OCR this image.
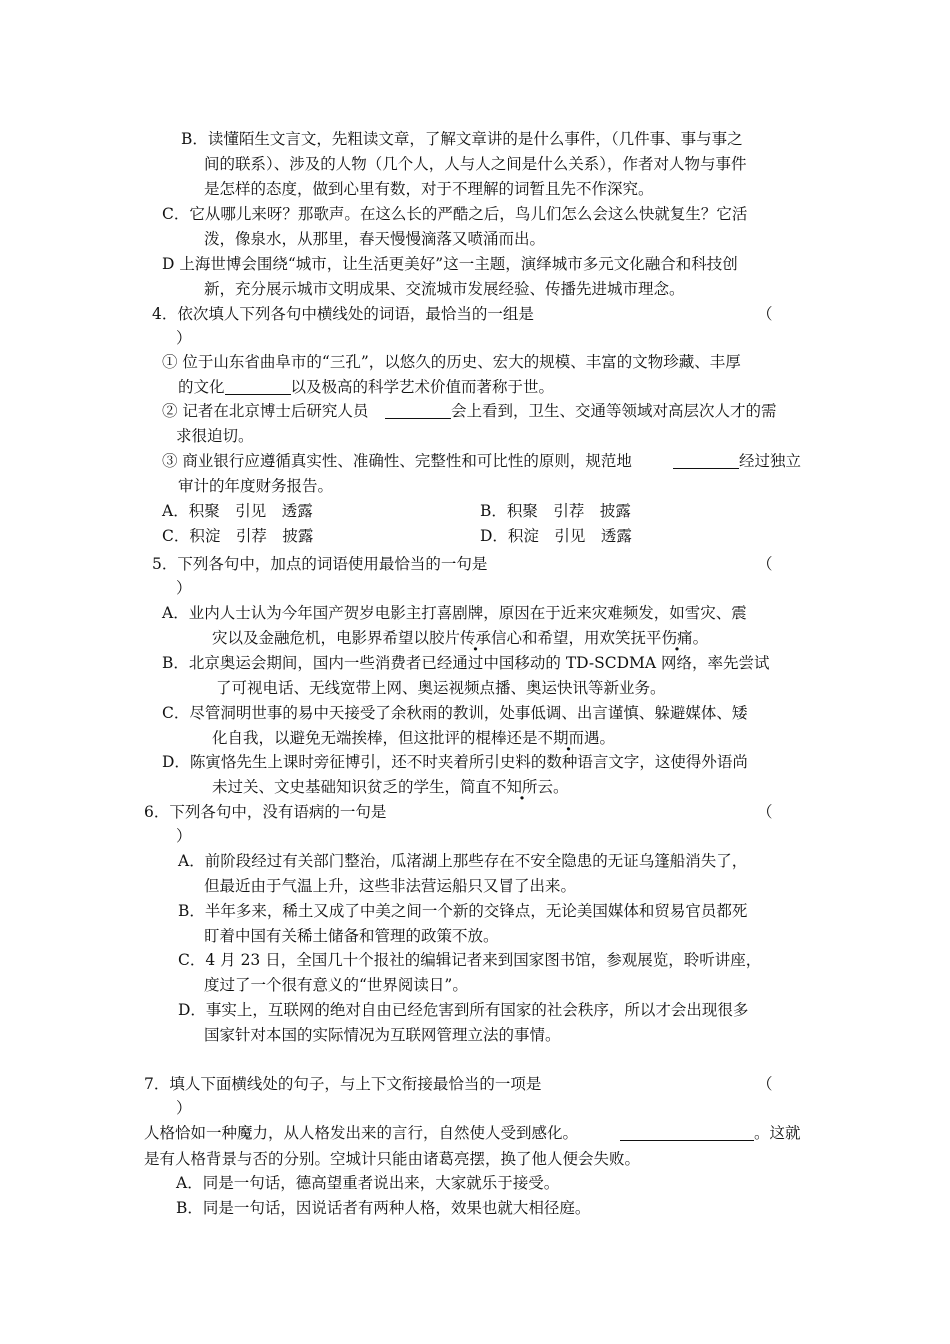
B．读懂陌生文言文，先粗读文章，了解文章讲的是什么事件，（几件事、事与事之
间的联系）、涉及的人物（几个人，人与人之间是什么关系），作者对人物与事件
是怎样的态度，做到心里有数，对于不理解的词暂且先不作深究。
C．它从哪儿来呀？那歌声。在这么长的严酷之后，鸟儿们怎么会这么快就复生？它活
泼，像泉水，从那里，春天慢慢滴落又喷涌而出。
D 上海世博会围绕“城市，让生活更美好”这一主题，演绎城市多元文化融合和科技创
新，充分展示城市文明成果、交流城市发展经验、传播先进城市理念。
4．依次填人下列各句中横线处的词语，最恰当的一组是
① 位于山东省曲阜市的“三孔”，以悠久的历史、宏大的规模、丰富的文物珍藏、丰厚
② 记者在北京博士后研究人员
求很迫切。
③ 商业银行应遵循真实性、准确性、完整性和可比性的原则，规范地
审计的年度财务报告。
5．下列各句中，加点的词语使用最恰当的一句是
A．业内人士认为今年国产贺岁电影主打喜剧牌，原因在于近来灾难频发，如雪灾、震
B．北京奥运会期间，国内一些消费者已经通过中国移动的 TD-SCDMA 网络，率先尝试
了可视电话、无线宽带上网、奥运视频点播、奥运快讯等新业务。
C．尽管洞明世事的易中天接受了余秋雨的教训，处事低调、出言谨慎、躲避媒体、矮
D．陈寅恪先生上课时旁征博引，还不时夹着所引史料的数种语言文字，这使得外语尚
6．下列各句中，没有语病的一句是
A．前阶段经过有关部门整治，瓜渚湖上那些存在不安全隐患的无证乌篷船消失了，
但最近由于气温上升，这些非法营运船只又冒了出来。
B．半年多来，稀土又成了中美之间一个新的交锋点，无论美国媒体和贸易官员都死
盯着中国有关稀土储备和管理的政策不放。
C．4 月 23 日，全国几十个报社的编辑记者来到国家图书馆，参观展览，聆听讲座，
度过了一个很有意义的“世界阅读日”。
D．事实上，互联网的绝对自由已经危害到所有国家的社会秩序，所以才会出现很多
国家针对本国的实际情况为互联网管理立法的事情。
7．填人下面横线处的句子，与上下文衔接最恰当的一项是
人格恰如一种魔力，从人格发出来的言行，自然使人受到感化。
是有人格背景与否的分别。空城计只能由诸葛亮摆，换了他人便会失败。
A．同是一句话，德高望重者说出来，大家就乐于接受。
B．同是一句话，因说话者有两种人格，效果也就大相径庭。
的文化	以及极高的科学艺术价值而著称于世。
会上看到，卫生、交通等领域对高层次人才的需
经过独立
A．积聚　引见　透露	B．积聚　引荐　披露
C．积淀　引荐　披露	D．积淀　引见　透露
灾以及金融危机，电影界希望以胶片传承信心和希望，用欢笑抚平伤痛。
化自我，以避免无端挨棒，但这批评的棍棒还是不期而遇。
未过关、文史基础知识贫乏的学生，简直不知所云。
。这就
（
）
（
）
（
）
（
）
